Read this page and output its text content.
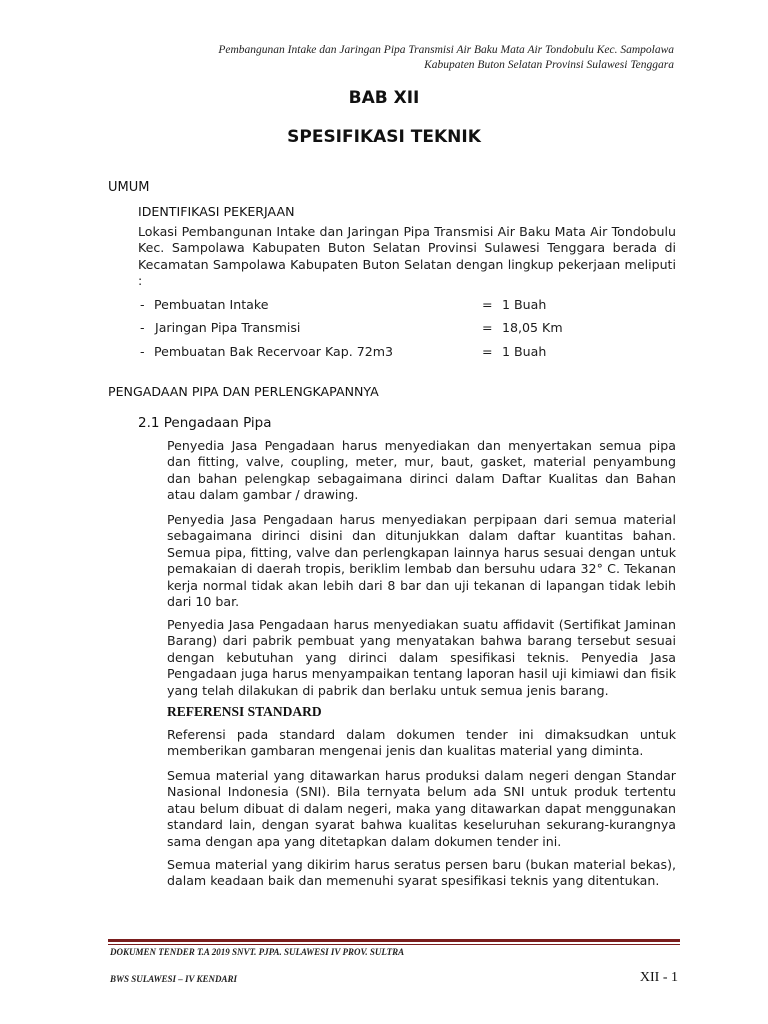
Pembangunan Intake dan Jaringan Pipa Transmisi Air Baku Mata Air Tondobulu Kec. Sampolawa
Kabupaten Buton Selatan Provinsi Sulawesi Tenggara
BAB XII
SPESIFIKASI TEKNIK
UMUM
IDENTIFIKASI PEKERJAAN
Lokasi Pembangunan Intake dan Jaringan Pipa Transmisi Air Baku Mata Air Tondobulu Kec. Sampolawa Kabupaten Buton Selatan Provinsi Sulawesi Tenggara berada di Kecamatan Sampolawa Kabupaten Buton Selatan dengan lingkup pekerjaan meliputi :
- Pembuatan Intake	= 1 Buah
- Jaringan Pipa Transmisi	= 18,05 Km
- Pembuatan Bak Recervoar Kap. 72m3	= 1 Buah
PENGADAAN PIPA DAN PERLENGKAPANNYA
2.1 Pengadaan Pipa
Penyedia Jasa Pengadaan harus menyediakan dan menyertakan semua pipa dan fitting, valve, coupling, meter, mur, baut, gasket, material penyambung dan bahan pelengkap sebagaimana dirinci dalam Daftar Kualitas dan Bahan atau dalam gambar / drawing.
Penyedia Jasa Pengadaan harus menyediakan perpipaan dari semua material sebagaimana dirinci disini dan ditunjukkan dalam daftar kuantitas bahan. Semua pipa, fitting, valve dan perlengkapan lainnya harus sesuai dengan untuk pemakaian di daerah tropis, beriklim lembab dan bersuhu udara 32° C. Tekanan kerja normal tidak akan lebih dari 8 bar dan uji tekanan di lapangan tidak lebih dari 10 bar.
Penyedia Jasa Pengadaan harus menyediakan suatu affidavit (Sertifikat Jaminan Barang) dari pabrik pembuat yang menyatakan bahwa barang tersebut sesuai dengan kebutuhan yang dirinci dalam spesifikasi teknis. Penyedia Jasa Pengadaan juga harus menyampaikan tentang laporan hasil uji kimiawi dan fisik yang telah dilakukan di pabrik dan berlaku untuk semua jenis barang.
REFERENSI STANDARD
Referensi pada standard dalam dokumen tender ini dimaksudkan untuk memberikan gambaran mengenai jenis dan kualitas material yang diminta.
Semua material yang ditawarkan harus produksi dalam negeri dengan Standar Nasional Indonesia (SNI). Bila ternyata belum ada SNI untuk produk tertentu atau belum dibuat di dalam negeri, maka yang ditawarkan dapat menggunakan standard lain, dengan syarat bahwa kualitas keseluruhan sekurang-kurangnya sama dengan apa yang ditetapkan dalam dokumen tender ini.
Semua material yang dikirim harus seratus persen baru (bukan material bekas), dalam keadaan baik dan memenuhi syarat spesifikasi teknis yang ditentukan.
DOKUMEN TENDER T.A 2019 SNVT. PJPA. SULAWESI IV PROV. SULTRA
BWS SULAWESI – IV KENDARI	XII - 1
